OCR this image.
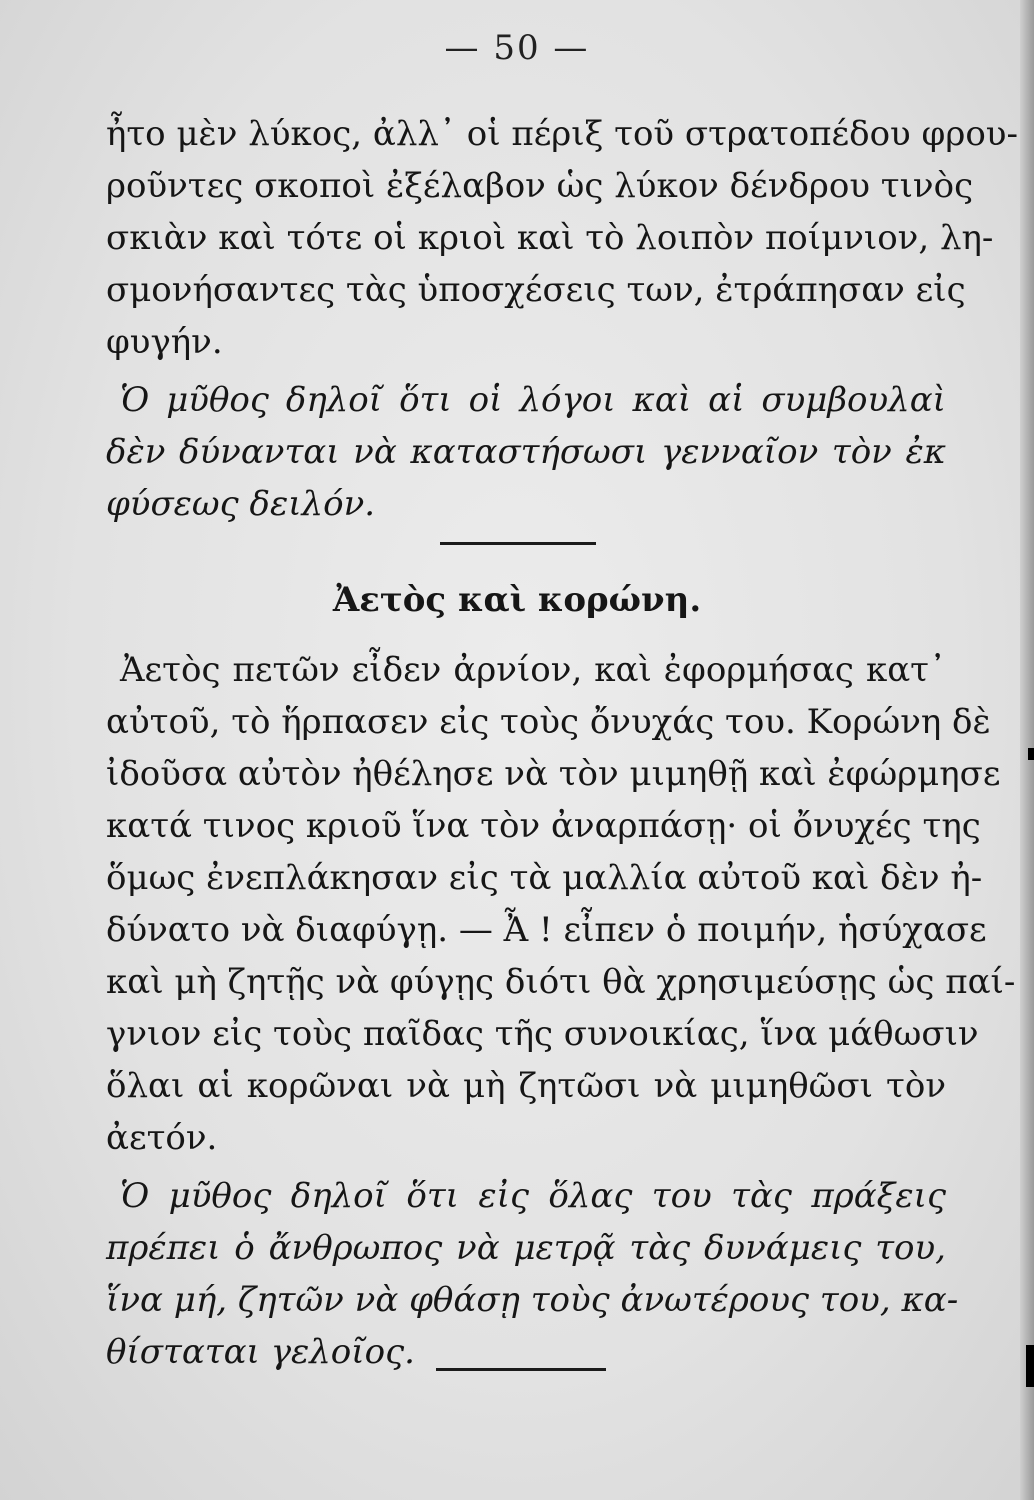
— 50 —
ἦτο μὲν λύκος, ἀλλ᾽ οἱ πέριξ τοῦ στρατοπέδου φρου-
ροῦντες σκοποὶ ἐξέλαβον ὡς λύκον δένδρου τινὸς
σκιὰν καὶ τότε οἱ κριοὶ καὶ τὸ λοιπὸν ποίμνιον, λη-
σμονήσαντες τὰς ὑποσχέσεις των, ἐτράπησαν εἰς
φυγήν.
Ὁ μῦθος δηλοῖ ὅτι οἱ λόγοι καὶ αἱ συμβουλαὶ
δὲν δύνανται νὰ καταστήσωσι γενναῖον τὸν ἐκ
φύσεως δειλόν.
Ἀετὸς καὶ κορώνη.
Ἀετὸς πετῶν εἶδεν ἀρνίον, καὶ ἐφορμήσας κατ᾽
αὐτοῦ, τὸ ἥρπασεν εἰς τοὺς ὄνυχάς του. Κορώνη δὲ
ἰδοῦσα αὐτὸν ἠθέλησε νὰ τὸν μιμηθῇ καὶ ἐφώρμησε
κατά τινος κριοῦ ἵνα τὸν ἀναρπάσῃ· οἱ ὄνυχές της
ὅμως ἐνεπλάκησαν εἰς τὰ μαλλία αὐτοῦ καὶ δὲν ἠ-
δύνατο νὰ διαφύγῃ. — Ἆ ! εἶπεν ὁ ποιμήν, ἡσύχασε
καὶ μὴ ζητῇς νὰ φύγῃς διότι θὰ χρησιμεύσῃς ὡς παί-
γνιον εἰς τοὺς παῖδας τῆς συνοικίας, ἵνα μάθωσιν
ὅλαι αἱ κορῶναι νὰ μὴ ζητῶσι νὰ μιμηθῶσι τὸν
ἀετόν.
Ὁ μῦθος δηλοῖ ὅτι εἰς ὅλας του τὰς πράξεις
πρέπει ὁ ἄνθρωπος νὰ μετρᾷ τὰς δυνάμεις του,
ἵνα μή, ζητῶν νὰ φθάσῃ τοὺς ἀνωτέρους του, κα-
θίσταται γελοῖος.
